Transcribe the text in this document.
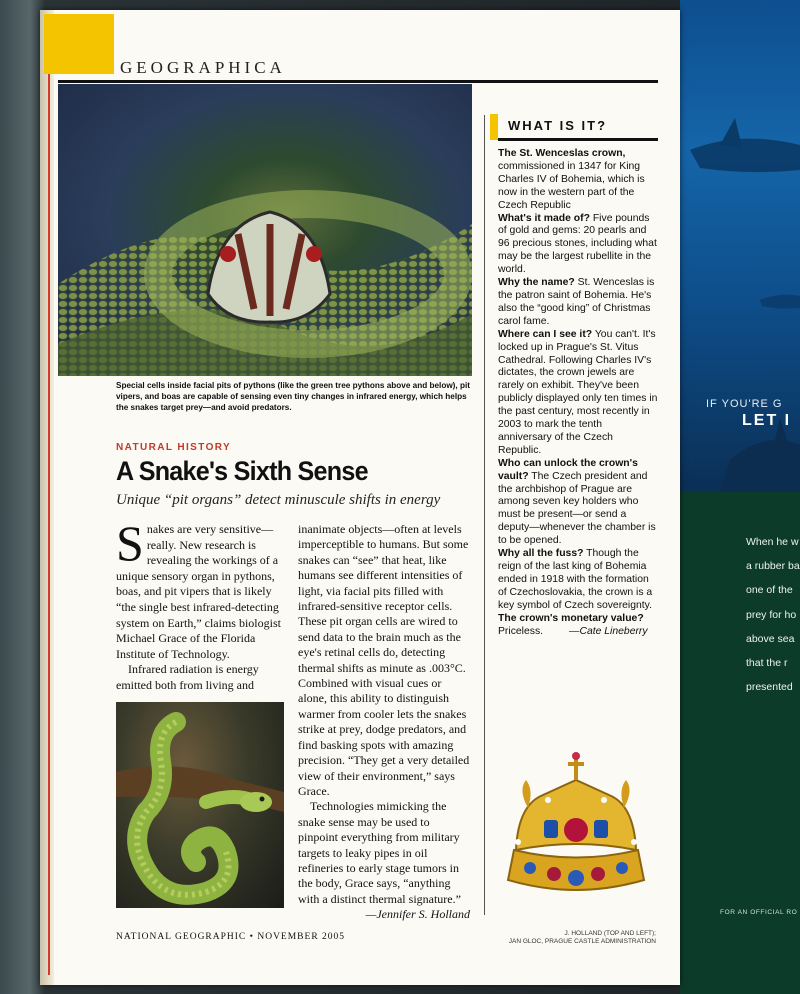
IF YOU'RE G
LET I
When he w
a rubber ba
one of the
prey for ho
above sea
that the r
presented
FOR AN OFFICIAL RO
GEOGRAPHICA
Special cells inside facial pits of pythons (like the green tree pythons above and below), pit vipers, and boas are capable of sensing even tiny changes in infrared energy, which helps the snakes target prey—and avoid predators.
NATURAL HISTORY
A Snake's Sixth Sense
Unique “pit organs” detect minuscule shifts in energy

Snakes are very sensitive—really. New research is revealing the workings of a unique sensory organ in pythons, boas, and pit vipers that is likely “the single best infrared-detecting system on Earth,” claims biologist Michael Grace of the Florida Institute of Technology.

Infrared radiation is energy emitted both from living and

inanimate objects—often at levels imperceptible to humans. But some snakes can “see” that heat, like humans see different intensities of light, via facial pits filled with infrared-sensitive receptor cells. These pit organ cells are wired to send data to the brain much as the eye's retinal cells do, detecting thermal shifts as minute as .003°C. Combined with visual cues or alone, this ability to distinguish warmer from cooler lets the snakes strike at prey, dodge predators, and find basking spots with amazing precision. “They get a very detailed view of their environment,” says Grace.

Technologies mimicking the snake sense may be used to pinpoint everything from military targets to leaky pipes in oil refineries to early stage tumors in the body, Grace says, “anything with a distinct thermal signature.”

—Jennifer S. Holland

WHAT IS IT?

The St. Wenceslas crown, commissioned in 1347 for King Charles IV of Bohemia, which is now in the western part of the Czech Republic

What's it made of? Five pounds of gold and gems: 20 pearls and 96 precious stones, including what may be the largest rubellite in the world.

Why the name? St. Wenceslas is the patron saint of Bohemia. He's also the “good king” of Christmas carol fame.

Where can I see it? You can't. It's locked up in Prague's St. Vitus Cathedral. Following Charles IV's dictates, the crown jewels are rarely on exhibit. They've been publicly displayed only ten times in the past century, most recently in 2003 to mark the tenth anniversary of the Czech Republic.

Who can unlock the crown's vault? The Czech president and the archbishop of Prague are among seven key holders who must be present—or send a deputy—whenever the chamber is to be opened.

Why all the fuss? Though the reign of the last king of Bohemia ended in 1918 with the formation of Czechoslovakia, the crown is a key symbol of Czech sovereignty.

The crown's monetary value?

Priceless.	—Cate Lineberry

NATIONAL GEOGRAPHIC • NOVEMBER 2005	J. HOLLAND (TOP AND LEFT);
JAN GLOC, PRAGUE CASTLE ADMINISTRATION
